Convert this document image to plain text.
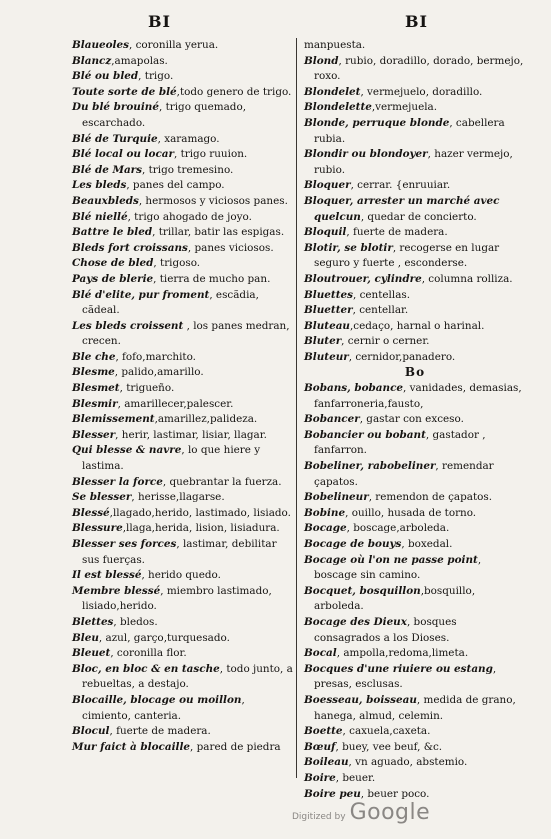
BI	BI
Blaueoles, coronilla yerua.
Blancz,amapolas.
Blé ou bled, trigo.
Toute sorte de blé,todo genero de trigo.
Du blé brouiné, trigo quemado, escarchado.
Blé de Turquie, xaramago.
Blé local ou locar, trigo ruuion.
Blé de Mars, trigo tremesino.
Les bleds, panes del campo.
Beauxbleds, hermosos y viciosos panes.
Blé niellé, trigo ahogado de joyo.
Battre le bled, trillar, batir las espigas.
Bleds fort croissans, panes viciosos.
Chose de bled, trigoso.
Pays de blerie, tierra de mucho pan.
Blé d'elite, pur froment, escãdia, cãdeal.
Les bleds croissent , los panes medran, crecen.
Ble che, fofo,marchito.
Blesme, palido,amarillo.
Blesmet, trigueño.
Blesmir, amarillecer,palescer.
Blemissement,amarillez,palideza.
Blesser, herir, lastimar, lisiar, llagar.
Qui blesse & navre, lo que hiere y lastima.
Blesser la force, quebrantar la fuerza.
Se blesser, herisse,llagarse.
Blessé,llagado,herido, lastimado, lisiado.
Blessure,llaga,herida, lision, lisiadura.
Blesser ses forces, lastimar, debilitar sus fuerças.
Il est blessé, herido quedo.
Membre blessé, miembro lastimado, lisiado,herido.
Blettes, bledos.
Bleu, azul, garço,turquesado.
Bleuet, coronilla flor.
Bloc, en bloc & en tasche, todo junto, a rebueltas, a destajo.
Blocaille, blocage ou moillon, cimiento, canteria.
Blocul, fuerte de madera.
Mur faict à blocaille, pared de piedra
manpuesta.
Blond, rubio, doradillo, dorado, bermejo, roxo.
Blondelet, vermejuelo, doradillo.
Blondelette,vermejuela.
Blonde, perruque blonde, cabellera rubia.
Blondir ou blondoyer, hazer vermejo, rubio.
Bloquer, cerrar. {enruuiar.
Bloquer, arrester un marché avec quelcun, quedar de concierto.
Bloquil, fuerte de madera.
Blotir, se blotir, recogerse en lugar seguro y fuerte , esconderse.
Bloutrouer, cylindre, columna rolliza.
Bluettes, centellas.
Bluetter, centellar.
Bluteau,cedaço, harnal o harinal.
Bluter, cernir o cerner.
Bluteur, cernidor,panadero.
Bo
Bobans, bobance, vanidades, demasias, fanfarroneria,fausto,
Bobancer, gastar con exceso.
Bobancier ou bobant, gastador , fanfarron.
Bobeliner, rabobeliner, remendar çapatos.
Bobelineur, remendon de çapatos.
Bobine, ouillo, husada de torno.
Bocage, boscage,arboleda.
Bocage de bouys, boxedal.
Bocage où l'on ne passe point, boscage sin camino.
Bocquet, bosquillon,bosquillo, arboleda.
Bocage des Dieux, bosques consagrados a los Dioses.
Bocal, ampolla,redoma,limeta.
Bocques d'une riuiere ou estang, presas, esclusas.
Boesseau, boisseau, medida de grano, hanega, almud, celemin.
Boette, caxuela,caxeta.
Bœuf, buey, vee beuf, &c.
Boileau, vn aguado, abstemio.
Boire, beuer.
Boire peu, beuer poco.
Digitized by Google
